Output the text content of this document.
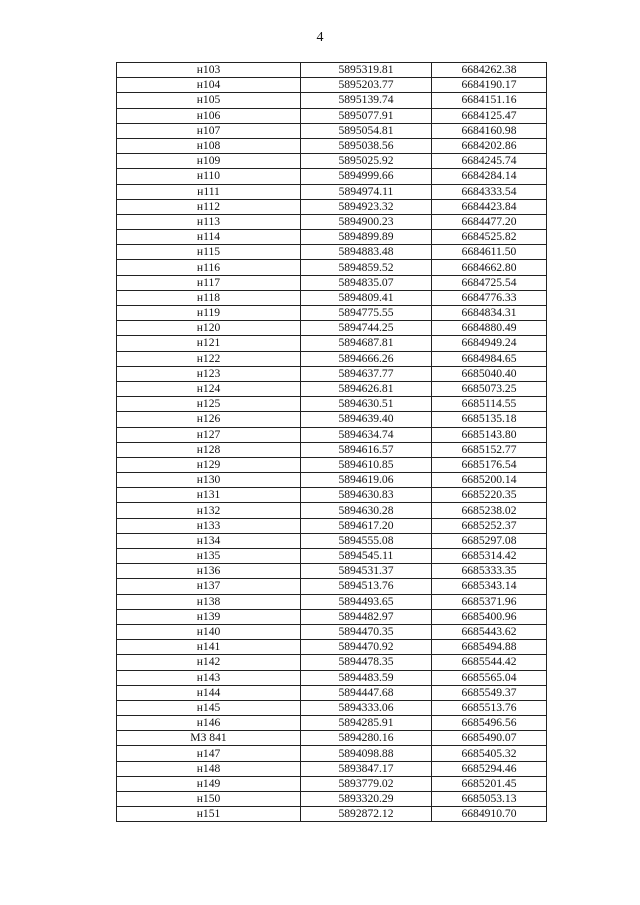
4
н103	5895319.81	6684262.38
н104	5895203.77	6684190.17
н105	5895139.74	6684151.16
н106	5895077.91	6684125.47
н107	5895054.81	6684160.98
н108	5895038.56	6684202.86
н109	5895025.92	6684245.74
н110	5894999.66	6684284.14
н111	5894974.11	6684333.54
н112	5894923.32	6684423.84
н113	5894900.23	6684477.20
н114	5894899.89	6684525.82
н115	5894883.48	6684611.50
н116	5894859.52	6684662.80
н117	5894835.07	6684725.54
н118	5894809.41	6684776.33
н119	5894775.55	6684834.31
н120	5894744.25	6684880.49
н121	5894687.81	6684949.24
н122	5894666.26	6684984.65
н123	5894637.77	6685040.40
н124	5894626.81	6685073.25
н125	5894630.51	6685114.55
н126	5894639.40	6685135.18
н127	5894634.74	6685143.80
н128	5894616.57	6685152.77
н129	5894610.85	6685176.54
н130	5894619.06	6685200.14
н131	5894630.83	6685220.35
н132	5894630.28	6685238.02
н133	5894617.20	6685252.37
н134	5894555.08	6685297.08
н135	5894545.11	6685314.42
н136	5894531.37	6685333.35
н137	5894513.76	6685343.14
н138	5894493.65	6685371.96
н139	5894482.97	6685400.96
н140	5894470.35	6685443.62
н141	5894470.92	6685494.88
н142	5894478.35	6685544.42
н143	5894483.59	6685565.04
н144	5894447.68	6685549.37
н145	5894333.06	6685513.76
н146	5894285.91	6685496.56
МЗ 841	5894280.16	6685490.07
н147	5894098.88	6685405.32
н148	5893847.17	6685294.46
н149	5893779.02	6685201.45
н150	5893320.29	6685053.13
н151	5892872.12	6684910.70
